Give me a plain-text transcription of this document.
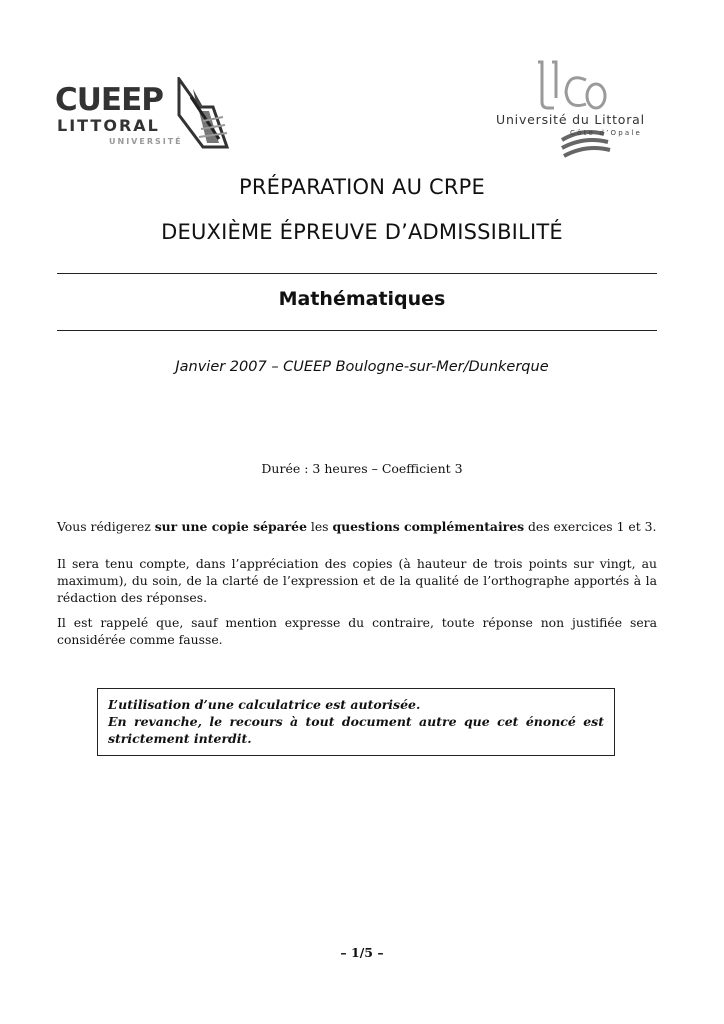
CUEEP
LITTORAL
UNIVERSITÉ
Université du Littoral
Côte d’Opale
PRÉPARATION AU CRPE
DEUXIÈME ÉPREUVE D’ADMISSIBILITÉ
Mathématiques
Janvier 2007 – CUEEP Boulogne-sur-Mer/Dunkerque
Durée : 3 heures – Coefficient 3
Vous rédigerez sur une copie séparée les questions complémentaires des exercices 1 et 3.
Il sera tenu compte, dans l’appréciation des copies (à hauteur de trois points sur vingt, au maximum), du soin, de la clarté de l’expression et de la qualité de l’orthographe apportés à la rédaction des réponses.
Il est rappelé que, sauf mention expresse du contraire, toute réponse non justifiée sera considérée comme fausse.
L’utilisation d’une calculatrice est autorisée.
En revanche, le recours à tout document autre que cet énoncé est strictement interdit.
– 1/5 –
